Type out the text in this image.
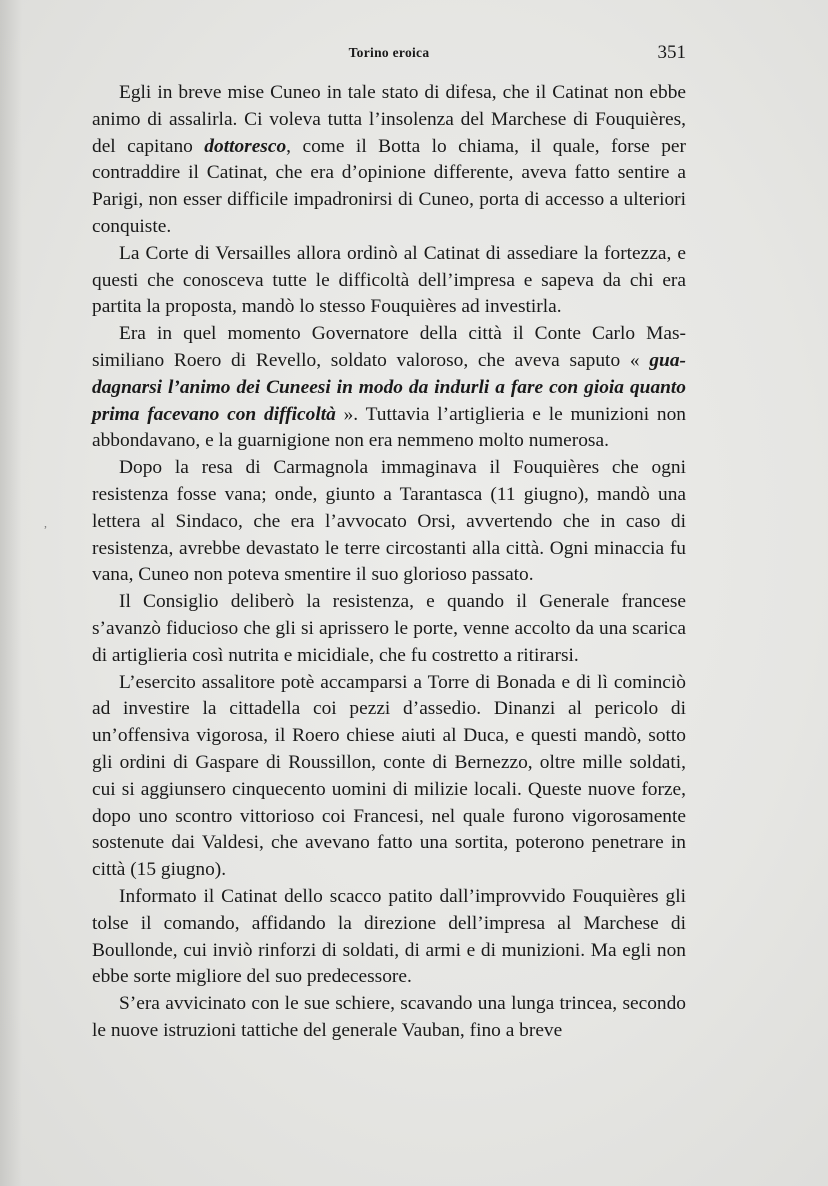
Torino eroica	351
,

Egli in breve mise Cuneo in tale stato di difesa, che il Catinat non ebbe animo di assalirla. Ci voleva tutta l’insolenza del Marchese di Fouquières, del capitano dottoresco, come il Botta lo chiama, il quale, forse per contraddire il Catinat, che era d’opinione differente, aveva fatto sentire a Parigi, non esser difficile impadronirsi di Cuneo, porta di accesso a ulteriori conquiste.

La Corte di Versailles allora ordinò al Catinat di assediare la fortezza, e questi che conosceva tutte le difficoltà dell’impresa e sapeva da chi era partita la proposta, mandò lo stesso Fouquières ad investirla.

Era in quel momento Governatore della città il Conte Carlo Massimiliano Roero di Revello, soldato valoroso, che aveva saputo « guadagnarsi l’animo dei Cuneesi in modo da indurli a fare con gioia quanto prima facevano con difficoltà ». Tuttavia l’artiglieria e le munizioni non abbondavano, e la guarnigione non era nemmeno molto numerosa.

Dopo la resa di Carmagnola immaginava il Fouquières che ogni resistenza fosse vana; onde, giunto a Tarantasca (11 giugno), mandò una lettera al Sindaco, che era l’avvocato Orsi, avvertendo che in caso di resistenza, avrebbe devastato le terre circostanti alla città. Ogni minaccia fu vana, Cuneo non poteva smentire il suo glorioso passato.

Il Consiglio deliberò la resistenza, e quando il Generale francese s’avanzò fiducioso che gli si aprissero le porte, venne accolto da una scarica di artiglieria così nutrita e micidiale, che fu costretto a ritirarsi.

L’esercito assalitore potè accamparsi a Torre di Bonada e di lì cominciò ad investire la cittadella coi pezzi d’assedio. Dinanzi al pericolo di un’offensiva vigorosa, il Roero chiese aiuti al Duca, e questi mandò, sotto gli ordini di Gaspare di Roussillon, conte di Bernezzo, oltre mille soldati, cui si aggiunsero cinquecento uomini di milizie locali. Queste nuove forze, dopo uno scontro vittorioso coi Francesi, nel quale furono vigorosamente sostenute dai Valdesi, che avevano fatto una sortita, poterono penetrare in città (15 giugno).

Informato il Catinat dello scacco patito dall’improvvido Fouquières gli tolse il comando, affidando la direzione dell’impresa al Marchese di Boullonde, cui inviò rinforzi di soldati, di armi e di munizioni. Ma egli non ebbe sorte migliore del suo predecessore.

S’era avvicinato con le sue schiere, scavando una lunga trincea, secondo le nuove istruzioni tattiche del generale Vauban, fino a breve
